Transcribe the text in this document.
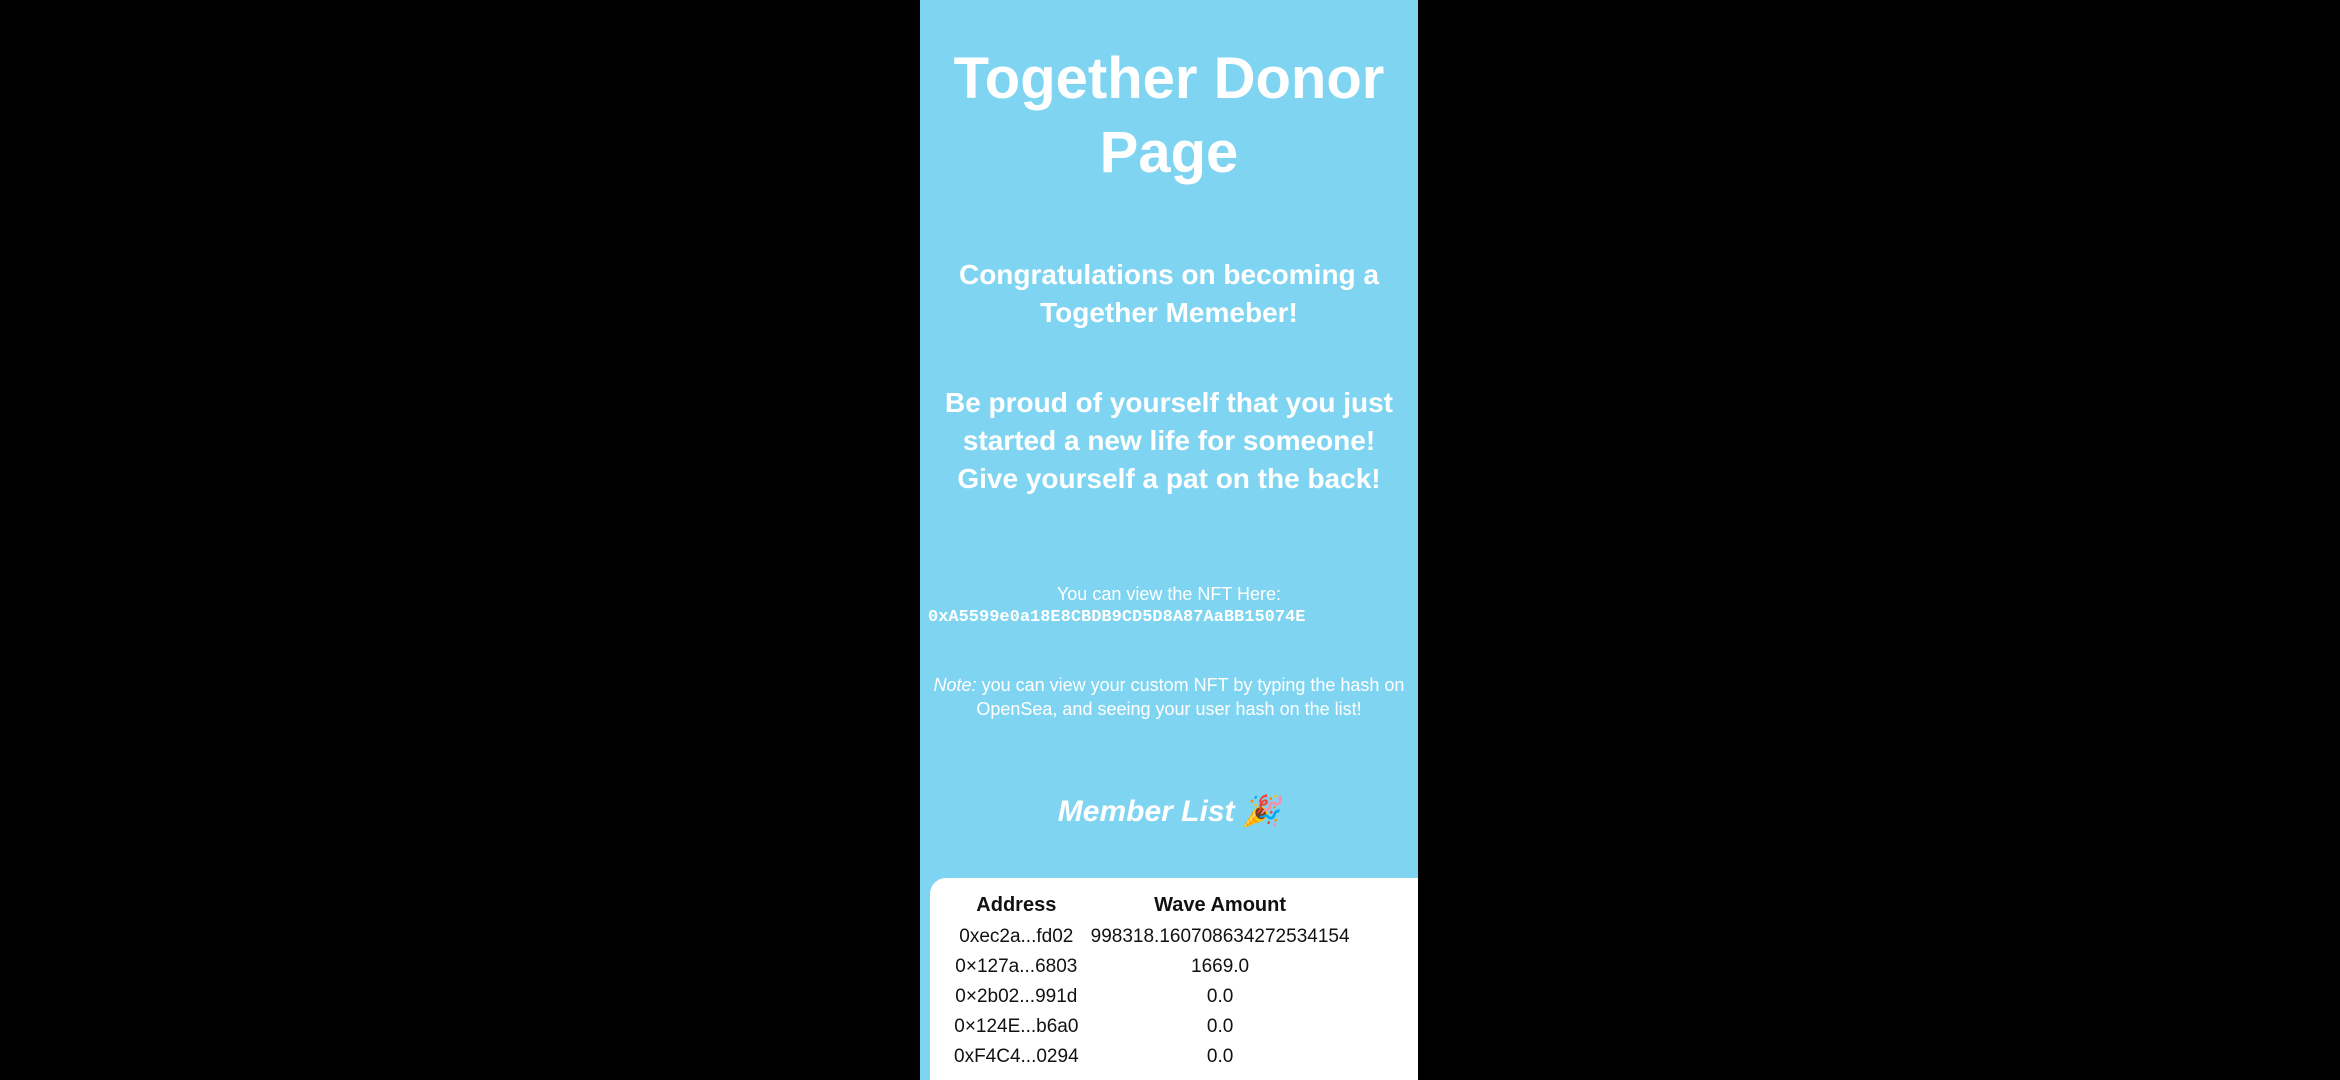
Together Donor Page

Congratulations on becoming a Together Memeber!

Be proud of yourself that you just started a new life for someone! Give yourself a pat on the back!

You can view the NFT Here:
0xA5599e0a18E8CBDB9CD5D8A87AaBB15074E
Note: you can view your custom NFT by typing the hash on OpenSea, and seeing your user hash on the list!
Member List 🎉
Address	Wave Amount
0xec2a...fd02	998318.160708634272534154
0×127a...6803	1669.0
0×2b02...991d	0.0
0×124E...b6a0	0.0
0xF4C4...0294	0.0
